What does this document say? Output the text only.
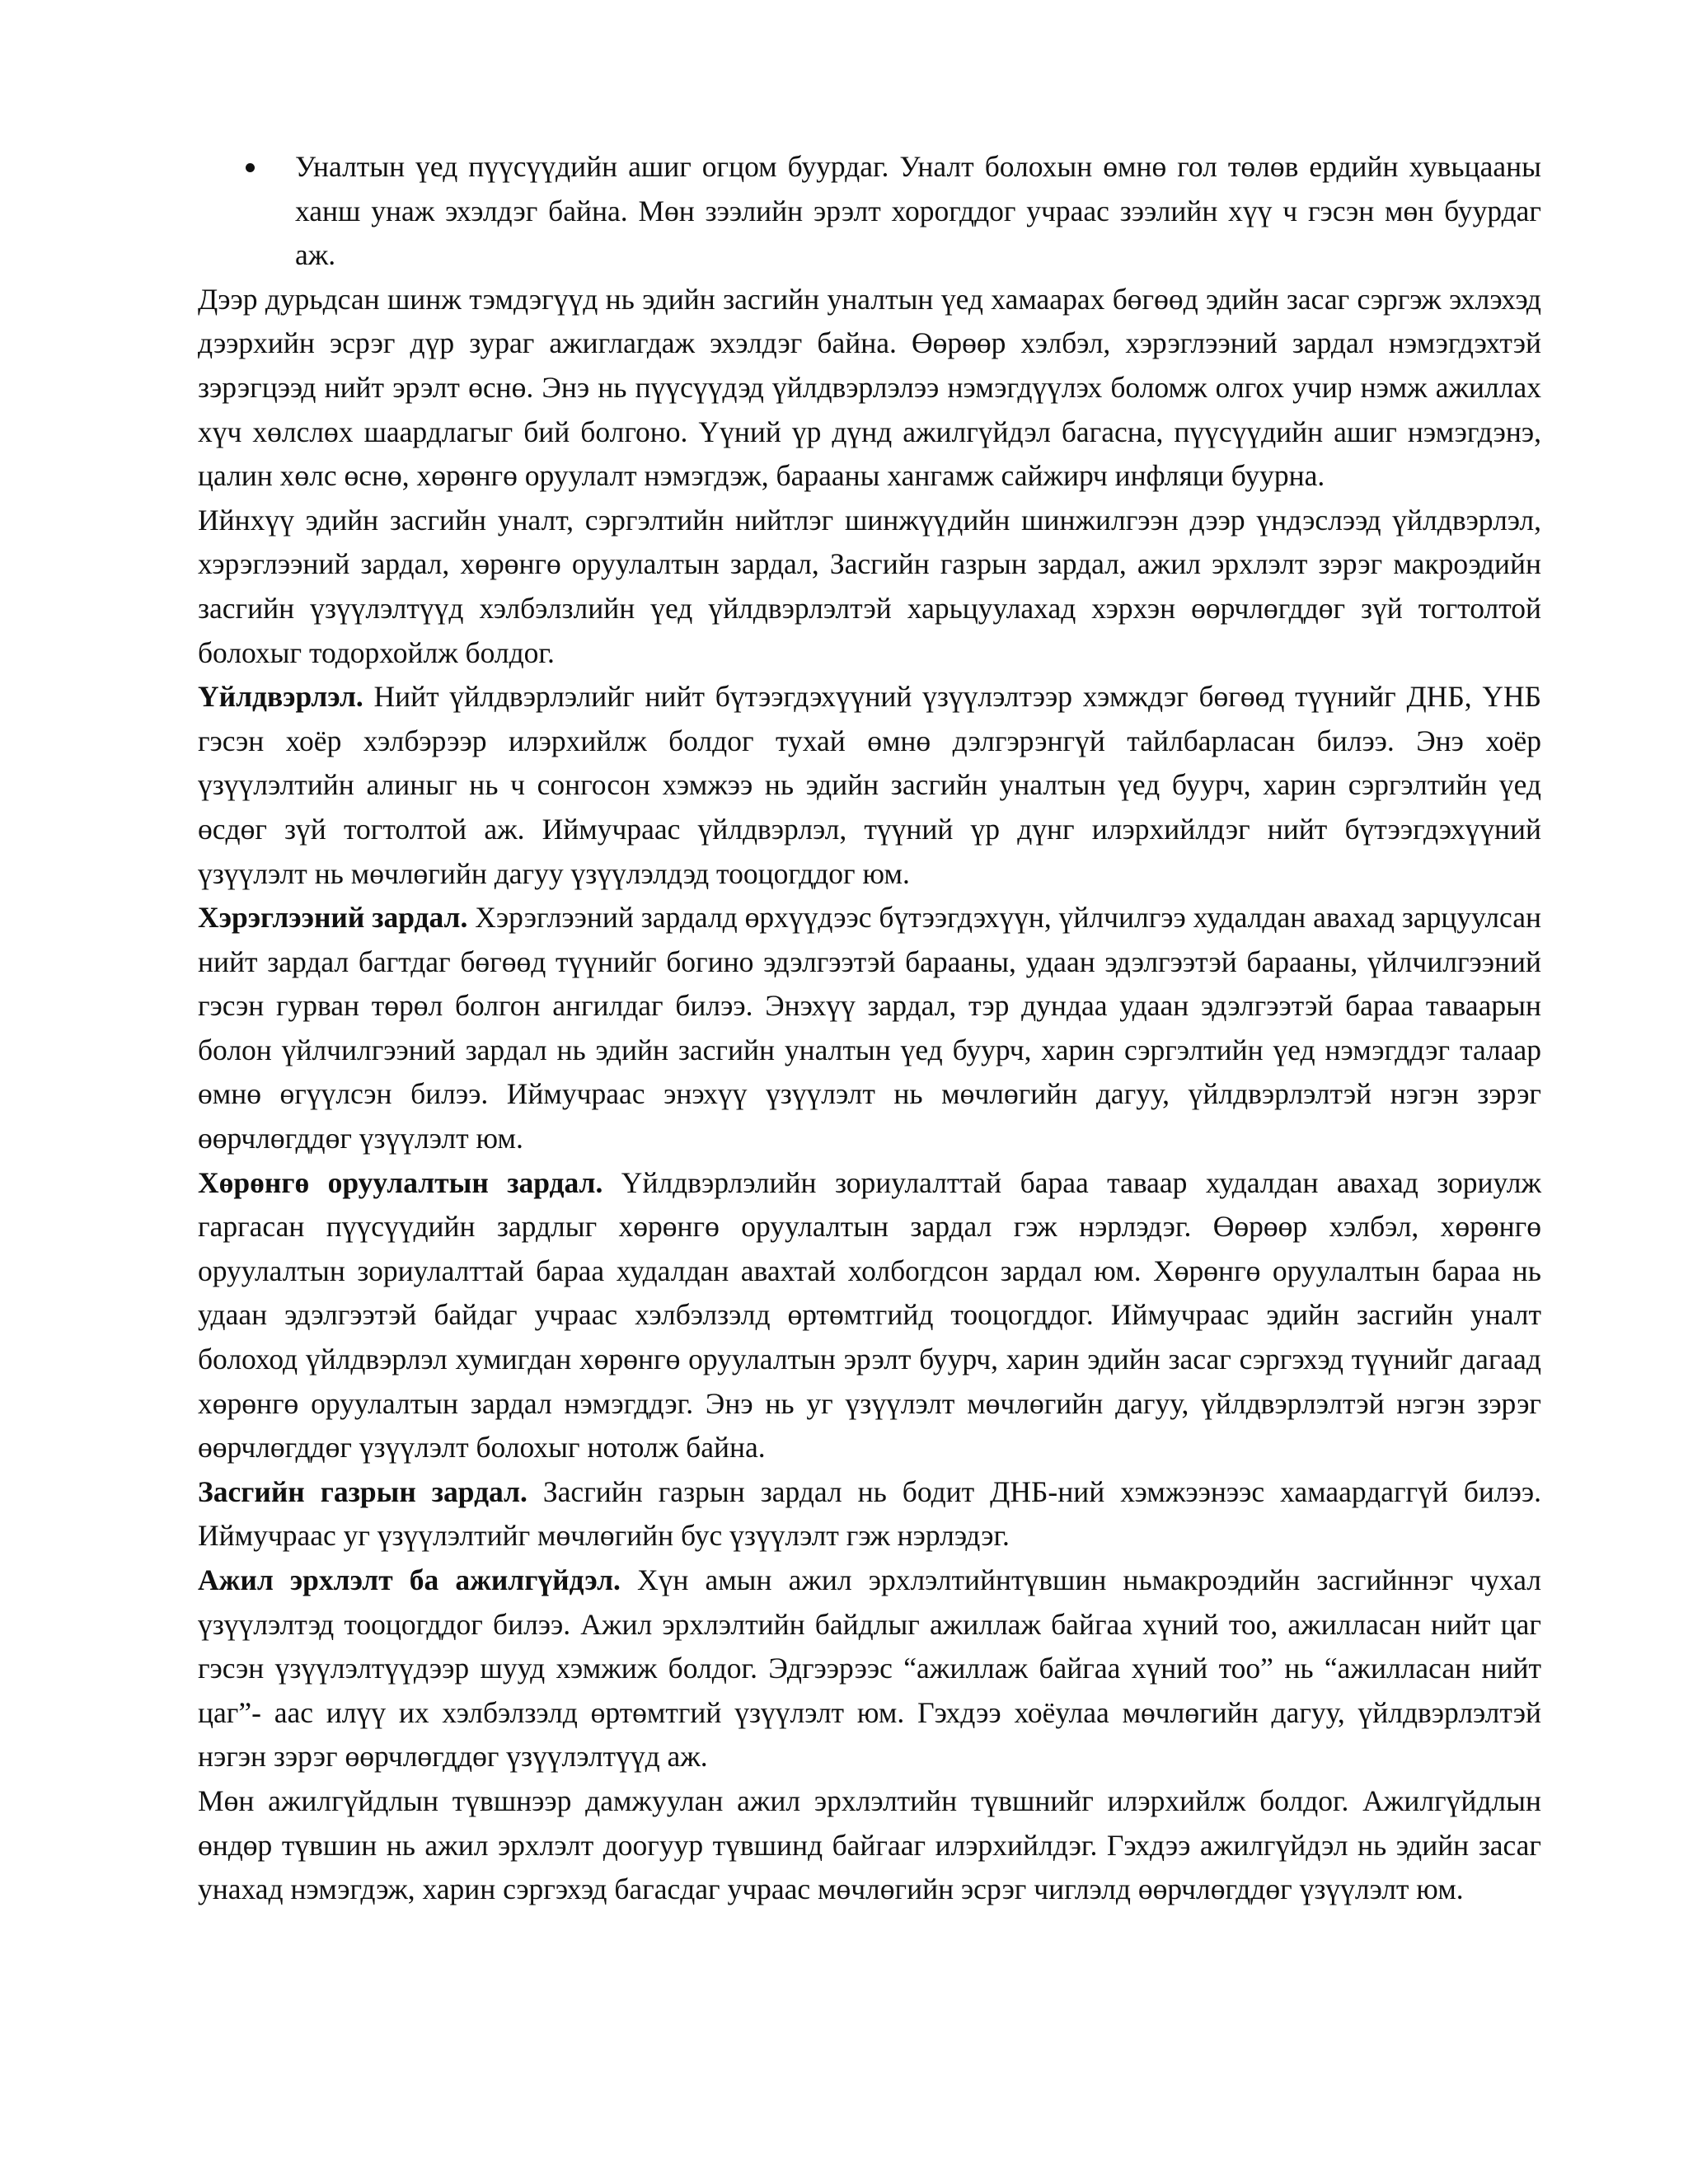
Уналтын үед пүүсүүдийн ашиг огцом буурдаг. Уналт болохын өмнө гол төлөв ердийн хувьцааны ханш унаж эхэлдэг байна. Мөн зээлийн эрэлт хорогддог учраас зээлийн хүү ч гэсэн мөн буурдаг аж.

Дээр дурьдсан шинж тэмдэгүүд нь эдийн засгийн уналтын үед хамаарах бөгөөд эдийн засаг сэргэж эхлэхэд дээрхийн эсрэг дүр зураг ажиглагдаж эхэлдэг байна. Өөрөөр хэлбэл, хэрэглээний зардал нэмэгдэхтэй зэрэгцээд нийт эрэлт өснө. Энэ нь пүүсүүдэд үйлдвэрлэлээ нэмэгдүүлэх боломж олгох учир нэмж ажиллах хүч хөлслөх шаардлагыг бий болгоно. Үүний үр дүнд ажилгүйдэл багасна, пүүсүүдийн ашиг нэмэгдэнэ, цалин хөлс өснө, хөрөнгө оруулалт нэмэгдэж, барааны хангамж сайжирч инфляци буурна.

Ийнхүү эдийн засгийн уналт, сэргэлтийн нийтлэг шинжүүдийн шинжилгээн дээр үндэслээд үйлдвэрлэл, хэрэглээний зардал, хөрөнгө оруулалтын зардал, Засгийн газрын зардал, ажил эрхлэлт зэрэг макроэдийн засгийн үзүүлэлтүүд хэлбэлзлийн үед үйлдвэрлэлтэй харьцуулахад хэрхэн өөрчлөгддөг зүй тогтолтой болохыг тодорхойлж болдог.

Үйлдвэрлэл. Нийт үйлдвэрлэлийг нийт бүтээгдэхүүний үзүүлэлтээр хэмждэг бөгөөд түүнийг ДНБ, ҮНБ гэсэн хоёр хэлбэрээр илэрхийлж болдог тухай өмнө дэлгэрэнгүй тайлбарласан билээ. Энэ хоёр үзүүлэлтийн алиныг нь ч сонгосон хэмжээ нь эдийн засгийн уналтын үед буурч, харин сэргэлтийн үед өсдөг зүй тогтолтой аж. Иймучраас үйлдвэрлэл, түүний үр дүнг илэрхийлдэг нийт бүтээгдэхүүний үзүүлэлт нь мөчлөгийн дагуу үзүүлэлдэд тооцогддог юм.

Хэрэглээний зардал. Хэрэглээний зардалд өрхүүдээс бүтээгдэхүүн, үйлчилгээ худалдан авахад зарцуулсан нийт зардал багтдаг бөгөөд түүнийг богино эдэлгээтэй барааны, удаан эдэлгээтэй барааны, үйлчилгээний гэсэн гурван төрөл болгон ангилдаг билээ. Энэхүү зардал, тэр дундаа удаан эдэлгээтэй бараа таваарын болон үйлчилгээний зардал нь эдийн засгийн уналтын үед буурч, харин сэргэлтийн үед нэмэгддэг талаар өмнө өгүүлсэн билээ. Иймучраас энэхүү үзүүлэлт нь мөчлөгийн дагуу, үйлдвэрлэлтэй нэгэн зэрэг өөрчлөгддөг үзүүлэлт юм.

Хөрөнгө оруулалтын зардал. Үйлдвэрлэлийн зориулалттай бараа таваар худалдан авахад зориулж гаргасан пүүсүүдийн зардлыг хөрөнгө оруулалтын зардал гэж нэрлэдэг. Өөрөөр хэлбэл, хөрөнгө оруулалтын зориулалттай бараа худалдан авахтай холбогдсон зардал юм. Хөрөнгө оруулалтын бараа нь удаан эдэлгээтэй байдаг учраас хэлбэлзэлд өртөмтгийд тооцогддог. Иймучраас эдийн засгийн уналт болоход үйлдвэрлэл хумигдан хөрөнгө оруулалтын эрэлт буурч, харин эдийн засаг сэргэхэд түүнийг дагаад хөрөнгө оруулалтын зардал нэмэгддэг. Энэ нь уг үзүүлэлт мөчлөгийн дагуу, үйлдвэрлэлтэй нэгэн зэрэг өөрчлөгддөг үзүүлэлт болохыг нотолж байна.

Засгийн газрын зардал. Засгийн газрын зардал нь бодит ДНБ-ний хэмжээнээс хамаардаггүй билээ. Иймучраас уг үзүүлэлтийг мөчлөгийн бус үзүүлэлт гэж нэрлэдэг.

Ажил эрхлэлт ба ажилгүйдэл. Хүн амын ажил эрхлэлтийнтүвшин ньмакроэдийн засгийннэг чухал үзүүлэлтэд тооцогддог билээ. Ажил эрхлэлтийн байдлыг ажиллаж байгаа хүний тоо, ажилласан нийт цаг гэсэн үзүүлэлтүүдээр шууд хэмжиж болдог. Эдгээрээс “ажиллаж байгаа хүний тоо” нь “ажилласан нийт цаг”- аас илүү их хэлбэлзэлд өртөмтгий үзүүлэлт юм. Гэхдээ хоёулаа мөчлөгийн дагуу, үйлдвэрлэлтэй нэгэн зэрэг өөрчлөгддөг үзүүлэлтүүд аж.

Мөн ажилгүйдлын түвшнээр дамжуулан ажил эрхлэлтийн түвшнийг илэрхийлж болдог. Ажилгүйдлын өндөр түвшин нь ажил эрхлэлт доогуур түвшинд байгааг илэрхийлдэг. Гэхдээ ажилгүйдэл нь эдийн засаг унахад нэмэгдэж, харин сэргэхэд багасдаг учраас мөчлөгийн эсрэг чиглэлд өөрчлөгддөг үзүүлэлт юм.
